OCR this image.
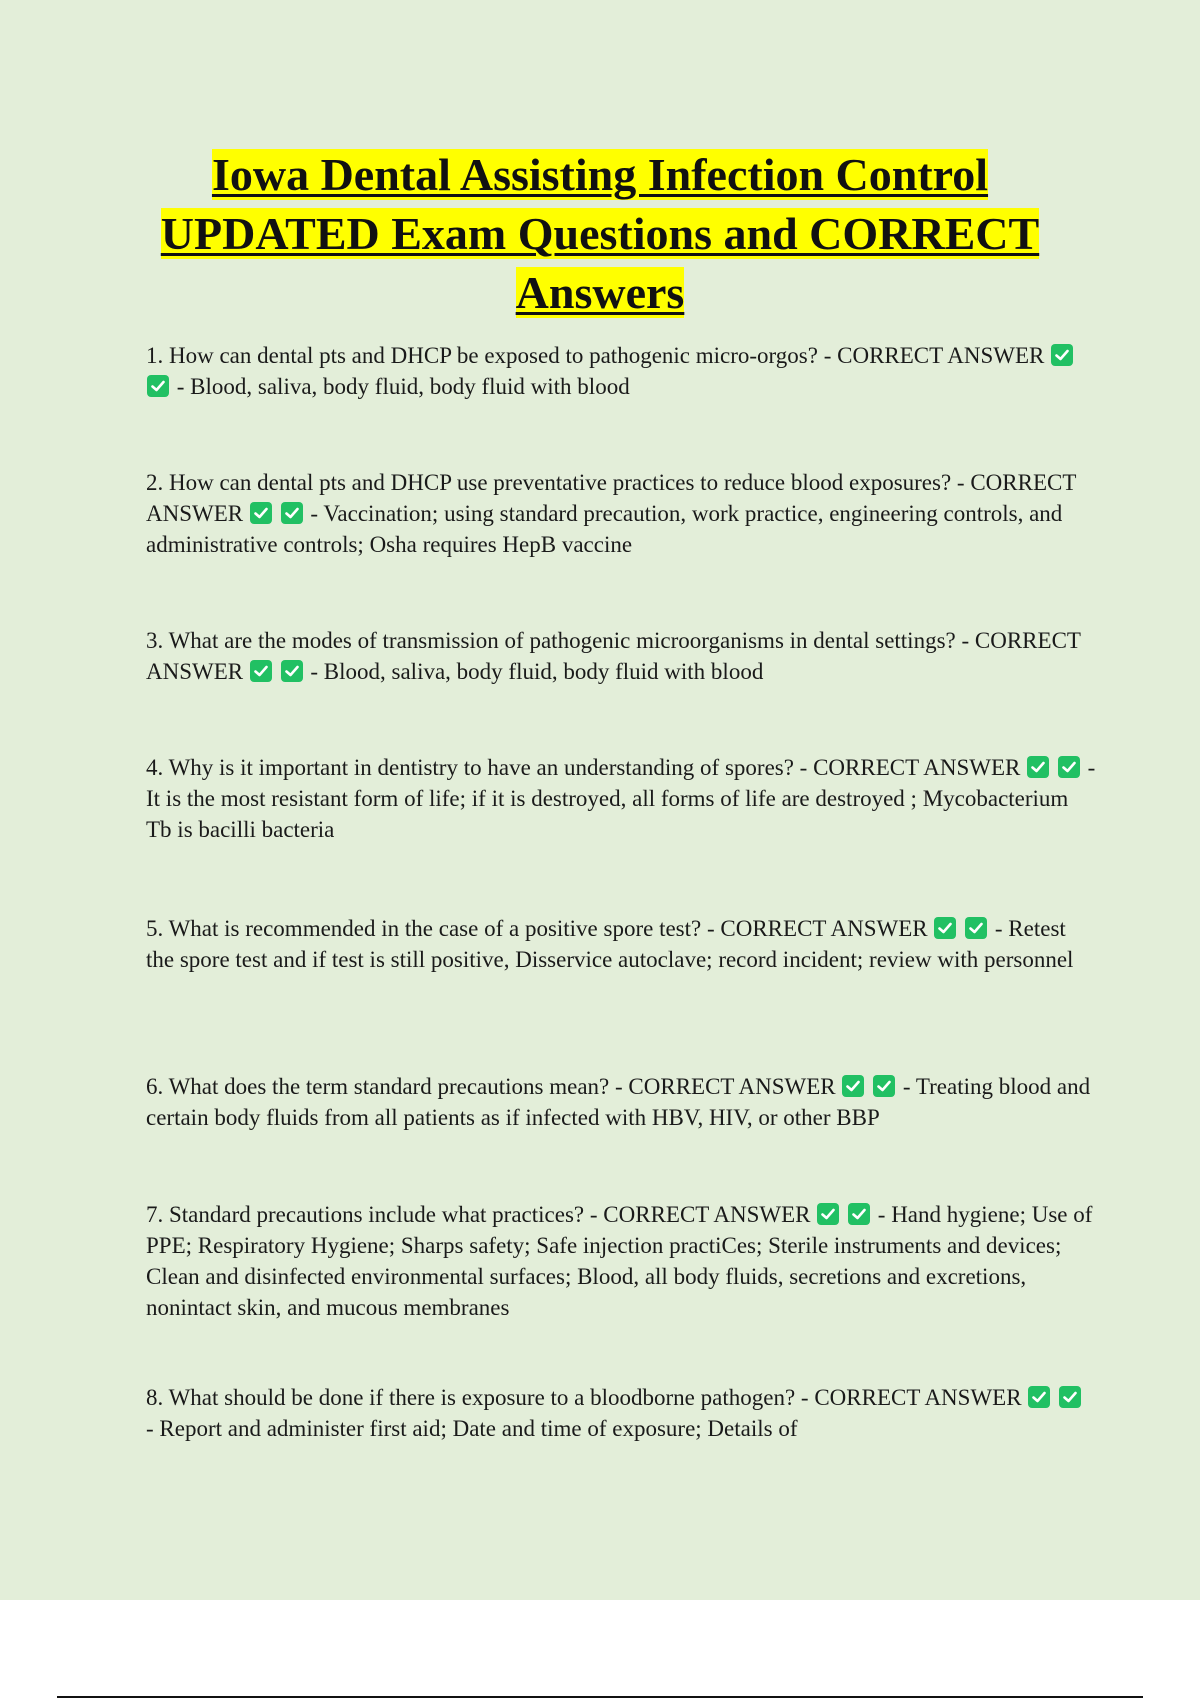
Iowa Dental Assisting Infection Control
UPDATED Exam Questions and CORRECT
Answers

1. How can dental pts and DHCP be exposed to pathogenic micro-orgos? - CORRECT ANSWER

- Blood, saliva, body fluid, body fluid with blood

2. How can dental pts and DHCP use preventative practices to reduce blood exposures? - CORRECT ANSWER
	- Vaccination; using standard precaution, work practice, engineering controls, and administrative controls; Osha requires HepB vaccine

3. What are the modes of transmission of pathogenic microorganisms in dental settings? - CORRECT ANSWER
	- Blood, saliva, body fluid, body fluid with blood

4. Why is it important in dentistry to have an understanding of spores? - CORRECT ANSWER
	- It is the most resistant form of life; if it is destroyed, all forms of life are destroyed ; Mycobacterium Tb is bacilli bacteria

5. What is recommended in the case of a positive spore test? - CORRECT ANSWER
	- Retest the spore test and if test is still positive, Disservice autoclave; record incident; review with personnel

6. What does the term standard precautions mean? - CORRECT ANSWER
	- Treating blood and certain body fluids from all patients as if infected with HBV, HIV, or other BBP

7. Standard precautions include what practices? - CORRECT ANSWER
	- Hand hygiene; Use of PPE; Respiratory Hygiene; Sharps safety; Safe injection practiCes; Sterile instruments and devices; Clean and disinfected environmental surfaces; Blood, all body fluids, secretions and excretions, nonintact skin, and mucous membranes

8. What should be done if there is exposure to a bloodborne pathogen? - CORRECT ANSWER

- Report and administer first aid; Date and time of exposure; Details of
